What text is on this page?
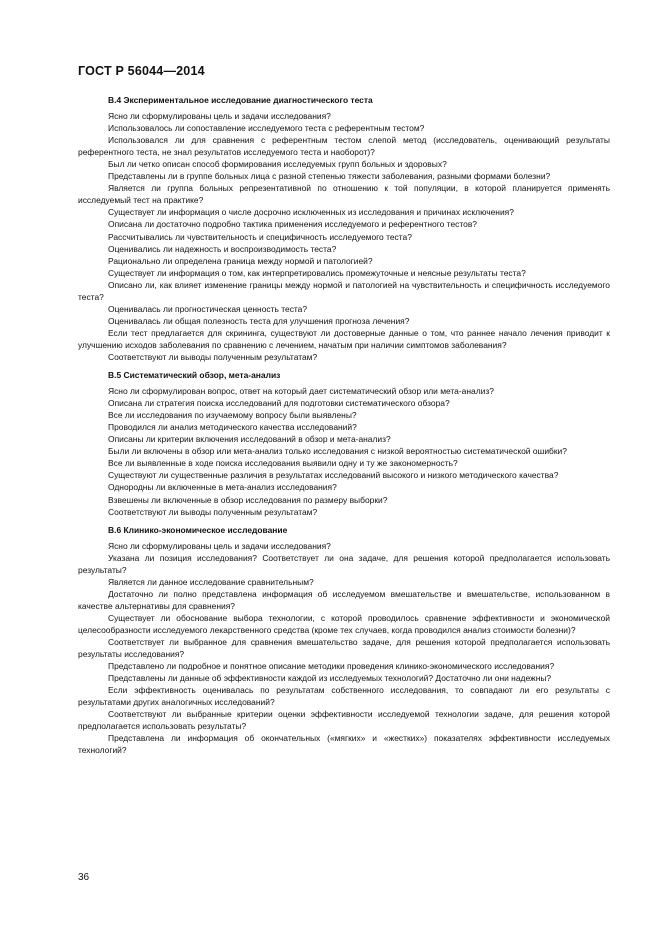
ГОСТ Р 56044—2014
В.4 Экспериментальное исследование диагностического теста

Ясно ли сформулированы цель и задачи исследования?

Использовалось ли сопоставление исследуемого теста с референтным тестом?

Использовался ли для сравнения с референтным тестом слепой метод (исследователь, оценивающий результаты референтного теста, не знал результатов исследуемого теста и наоборот)?

Был ли четко описан способ формирования исследуемых групп больных и здоровых?

Представлены ли в группе больных лица с разной степенью тяжести заболевания, разными формами болезни?

Является ли группа больных репрезентативной по отношению к той популяции, в которой планируется применять исследуемый тест на практике?

Существует ли информация о числе досрочно исключенных из исследования и причинах исключения?

Описана ли достаточно подробно тактика применения исследуемого и референтного тестов?

Рассчитывались ли чувствительность и специфичность исследуемого теста?

Оценивались ли надежность и воспроизводимость теста?

Рационально ли определена граница между нормой и патологией?

Существует ли информация о том, как интерпретировались промежуточные и неясные результаты теста?

Описано ли, как влияет изменение границы между нормой и патологией на чувствительность и специфичность исследуемого теста?

Оценивалась ли прогностическая ценность теста?

Оценивалась ли общая полезность теста для улучшения прогноза лечения?

Если тест предлагается для скрининга, существуют ли достоверные данные о том, что раннее начало лечения приводит к улучшению исходов заболевания по сравнению с лечением, начатым при наличии симптомов заболевания?

Соответствуют ли выводы полученным результатам?

В.5 Систематический обзор, мета-анализ

Ясно ли сформулирован вопрос, ответ на который дает систематический обзор или мета-анализ?

Описана ли стратегия поиска исследований для подготовки систематического обзора?

Все ли исследования по изучаемому вопросу были выявлены?

Проводился ли анализ методического качества исследований?

Описаны ли критерии включения исследований в обзор и мета-анализ?

Были ли включены в обзор или мета-анализ только исследования с низкой вероятностью систематической ошибки?

Все ли выявленные в ходе поиска исследования выявили одну и ту же закономерность?

Существуют ли существенные различия в результатах исследований высокого и низкого методического качества?

Однородны ли включенные в мета-анализ исследования?

Взвешены ли включенные в обзор исследования по размеру выборки?

Соответствуют ли выводы полученным результатам?

В.6 Клинико-экономическое исследование

Ясно ли сформулированы цель и задачи исследования?

Указана ли позиция исследования? Соответствует ли она задаче, для решения которой предполагается использовать результаты?

Является ли данное исследование сравнительным?

Достаточно ли полно представлена информация об исследуемом вмешательстве и вмешательстве, использованном в качестве альтернативы для сравнения?

Существует ли обоснование выбора технологии, с которой проводилось сравнение эффективности и экономической целесообразности исследуемого лекарственного средства (кроме тех случаев, когда проводился анализ стоимости болезни)?

Соответствует ли выбранное для сравнения вмешательство задаче, для решения которой предполагается использовать результаты исследования?

Представлено ли подробное и понятное описание методики проведения клинико-экономического исследования?

Представлены ли данные об эффективности каждой из исследуемых технологий? Достаточно ли они надежны?

Если эффективность оценивалась по результатам собственного исследования, то совпадают ли его результаты с результатами других аналогичных исследований?

Соответствуют ли выбранные критерии оценки эффективности исследуемой технологии задаче, для решения которой предполагается использовать результаты?

Представлена ли информация об окончательных («мягких» и «жестких») показателях эффективности исследуемых технологий?

36
